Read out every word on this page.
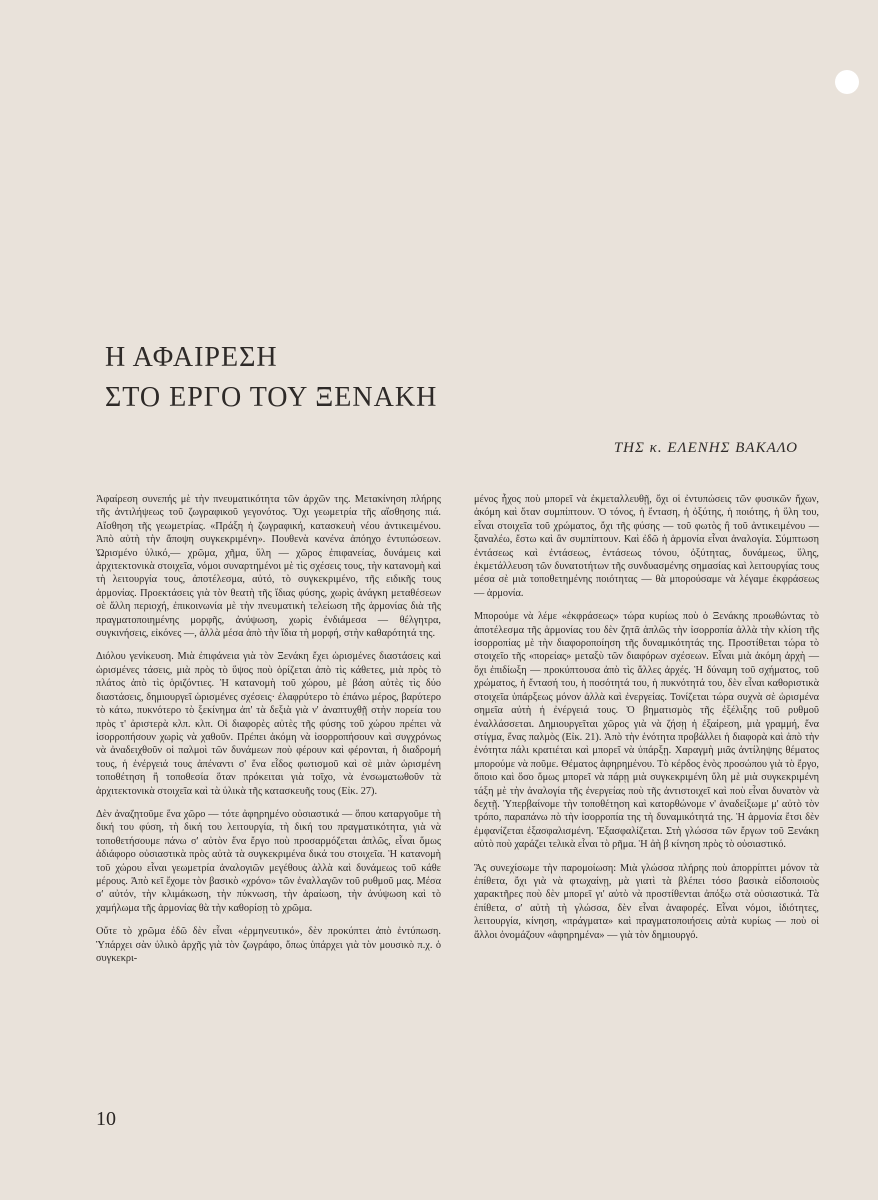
Η ΑΦΑΙΡΕΣΗ
ΣΤΟ ΕΡΓΟ ΤΟΥ ΞΕΝΑΚΗ
ΤΗΣ κ. ΕΛΕΝΗΣ ΒΑΚΑΛΟ

Ἀφαίρεση συνεπής μὲ τὴν πνευματικότητα τῶν ἀρχῶν της. Μετακίνηση πλήρης τῆς ἀντιλήψεως τοῦ ζωγραφικοῦ γεγονότος. Ὄχι γεωμετρία τῆς αἴσθησης πιά. Αἴσθηση τῆς γεωμετρίας. «Πράξη ἡ ζωγραφική, κατασκευὴ νέου ἀντικειμένου. Ἀπὸ αὐτὴ τὴν ἄποψη συγκεκριμένη». Πουθενὰ κανένα ἀπόηχο ἐντυπώσεων. Ὡρισμένο ὑλικό,— χρῶμα, χῆμα, ὕλη — χῶρος ἐπιφανείας, δυνάμεις καὶ ἀρχιτεκτονικὰ στοιχεῖα, νόμοι συναρτημένοι μὲ τὶς σχέσεις τους, τὴν κατανομὴ καὶ τὴ λειτουργία τους, ἀποτέλεσμα, αὐτό, τὸ συγκεκριμένο, τῆς ειδικῆς τους ἁρμονίας. Προεκτάσεις γιὰ τὸν θεατὴ τῆς ἴδιας φύσης, χωρὶς ἀνάγκη μεταθέσεων σὲ ἄλλη περιοχή, ἐπικοινωνία μὲ τὴν πνευματικὴ τελείωση τῆς ἁρμονίας διὰ τῆς πραγματοποιημένης μορφῆς, ἀνύψωση, χωρὶς ἐνδιάμεσα — θέλγητρα, συγκινήσεις, εἰκόνες —, ἀλλὰ μέσα ἀπὸ τὴν ἴδια τὴ μορφή, στὴν καθαρότητά της.

Διόλου γενίκευση. Μιὰ ἐπιφάνεια γιὰ τὸν Ξενάκη ἔχει ὡρισμένες διαστάσεις καὶ ὡρισμένες τάσεις, μιὰ πρὸς τὸ ὕψος ποὺ ὁρίζεται ἀπὸ τὶς κάθετες, μιὰ πρὸς τὸ πλάτος ἀπὸ τὶς ὁριζόντιες. Ἡ κατανομὴ τοῦ χώρου, μὲ βάση αὐτὲς τὶς δύο διαστάσεις, δημιουργεῖ ὡρισμένες σχέσεις· ἐλαφρύτερο τὸ ἐπάνω μέρος, βαρύτερο τὸ κάτω, πυκνότερο τὸ ξεκίνημα ἀπ' τὰ δεξιὰ γιὰ ν' ἀναπτυχθῇ στὴν πορεία του πρὸς τ' ἀριστερὰ κλπ. κλπ. Οἱ διαφορὲς αὐτὲς τῆς φύσης τοῦ χώρου πρέπει νὰ ἰσορροπήσουν χωρὶς νὰ χαθοῦν. Πρέπει ἀκόμη νὰ ἰσορροπήσουν καὶ συγχρόνως νὰ ἀναδειχθοῦν οἱ παλμοὶ τῶν δυνάμεων ποὺ φέρουν καὶ φέρονται, ἡ διαδρομή τους, ἡ ἐνέργειά τους ἀπέναντι σ' ἕνα εἶδος φωτισμοῦ καὶ σὲ μιὰν ὡρισμένη τοποθέτηση ἢ τοποθεσία ὅταν πρόκειται γιὰ τοῖχο, νὰ ἐνσωματωθοῦν τὰ ἀρχιτεκτονικὰ στοιχεῖα καὶ τὰ ὑλικὰ τῆς κατασκευῆς τους (Εἰκ. 27).

Δὲν ἀναζητοῦμε ἕνα χῶρο — τότε ἀφηρημένο οὐσιαστικά — ὅπου καταργοῦμε τὴ δική του φύση, τὴ δική του λειτουργία, τὴ δική του πραγματικότητα, γιὰ νὰ τοποθετήσουμε πάνω σ' αὐτὸν ἕνα ἔργο ποὺ προσαρμόζεται ἁπλῶς, εἶναι ὅμως ἀδιάφορο οὐσιαστικὰ πρὸς αὐτὰ τὰ συγκεκριμένα δικά του στοιχεῖα. Ἡ κατανομὴ τοῦ χώρου εἶναι γεωμετρία ἀναλογιῶν μεγέθους ἀλλὰ καὶ δυνάμεως τοῦ κάθε μέρους. Ἀπὸ κεῖ ἔχομε τὸν βασικὸ «χρόνο» τῶν ἐναλλαγῶν τοῦ ρυθμοῦ μας. Μέσα σ' αὐτόν, τὴν κλιμάκωση, τὴν πύκνωση, τὴν ἀραίωση, τὴν ἀνύψωση καὶ τὸ χαμήλωμα τῆς ἁρμονίας θὰ τὴν καθορίσῃ τὸ χρῶμα.

Οὔτε τὸ χρῶμα ἐδῶ δὲν εἶναι «ἑρμηνευτικό», δὲν προκύπτει ἀπὸ ἐντύπωση. Ὑπάρχει σὰν ὑλικὸ ἀρχῆς γιὰ τὸν ζωγράφο, ὅπως ὑπάρχει γιὰ τὸν μουσικὸ π.χ. ὁ συγκεκρι-

μένος ἦχος ποὺ μπορεῖ νὰ ἐκμεταλλευθῇ, ὄχι οἱ ἐντυπώσεις τῶν φυσικῶν ἤχων, ἀκόμη καὶ ὅταν συμπίπτουν. Ὁ τόνος, ἡ ἔνταση, ἡ ὀξύτης, ἡ ποιότης, ἡ ὕλη του, εἶναι στοιχεῖα τοῦ χρώματος, ὄχι τῆς φύσης — τοῦ φωτὸς ἢ τοῦ ἀντικειμένου — ξαναλέω, ἔστω καὶ ἂν συμπίπτουν. Καὶ ἐδῶ ἡ ἁρμονία εἶναι ἀναλογία. Σύμπτωση ἐντάσεως καὶ ἐντάσεως, ἐντάσεως τόνου, ὀξύτητας, δυνάμεως, ὕλης, ἐκμετάλλευση τῶν δυνατοτήτων τῆς συνδυασμένης σημασίας καὶ λειτουργίας τους μέσα σὲ μιὰ τοποθετημένης ποιότητας — θὰ μπορούσαμε νὰ λέγαμε ἐκφράσεως — ἁρμονία.

Μπορούμε νὰ λέμε «ἐκφράσεως» τώρα κυρίως ποὺ ὁ Ξενάκης προωθώντας τὸ ἀποτέλεσμα τῆς ἁρμονίας του δὲν ζητᾶ ἁπλῶς τὴν ἰσορροπία ἀλλὰ τὴν κλίση τῆς ἰσορροπίας μὲ τὴν διαφοροποίηση τῆς δυναμικότητάς της. Προστίθεται τώρα τὸ στοιχεῖο τῆς «πορείας» μεταξὺ τῶν διαφόρων σχέσεων. Εἶναι μιὰ ἀκόμη ἀρχὴ — ὄχι ἐπιδίωξη — προκύπτουσα ἀπὸ τὶς ἄλλες ἀρχές. Ἡ δύναμη τοῦ σχήματος, τοῦ χρώματος, ἡ ἔντασή του, ἡ ποσότητά του, ἡ πυκνότητά του, δὲν εἶναι καθοριστικὰ στοιχεῖα ὑπάρξεως μόνον ἀλλὰ καὶ ἐνεργείας. Τονίζεται τώρα συχνὰ σὲ ὡρισμένα σημεῖα αὐτὴ ἡ ἐνέργειά τους. Ὁ βηματισμὸς τῆς ἐξέλιξης τοῦ ρυθμοῦ ἐναλλάσσεται. Δημιουργεῖται χῶρος γιὰ νὰ ζήσῃ ἡ ἐξαίρεση, μιὰ γραμμή, ἕνα στίγμα, ἕνας παλμὸς (Εἰκ. 21). Ἀπὸ τὴν ἑνότητα προβάλλει ἡ διαφορὰ καὶ ἀπὸ τὴν ἑνότητα πάλι κρατιέται καὶ μπορεῖ νὰ ὑπάρξῃ. Χαραγμὴ μιᾶς ἀντίληψης θέματος μπορούμε νὰ ποῦμε. Θέματος ἀφηρημένου. Τὸ κέρδος ἑνὸς προσώπου γιὰ τὸ ἔργο, ὅποιο καὶ ὅσο ὅμως μπορεῖ νὰ πάρῃ μιὰ συγκεκριμένη ὕλη μὲ μιὰ συγκεκριμένη τάξη μὲ τὴν ἀναλογία τῆς ἐνεργείας ποὺ τῆς ἀντιστοιχεῖ καὶ ποὺ εἶναι δυνατὸν νὰ δεχτῇ. Ὑπερβαίνομε τὴν τοποθέτηση καὶ κατορθώνομε ν' ἀναδείξωμε μ' αὐτὸ τὸν τρόπο, παραπάνω πὸ τὴν ἰσορροπία της τὴ δυναμικότητά της. Ἡ ἁρμονία ἔτσι δὲν ἐμφανίζεται ἐξασφαλισμένη. Ἐξασφαλίζεται. Στὴ γλώσσα τῶν ἔργων τοῦ Ξενάκη αὐτὸ ποὺ χαράζει τελικὰ εἶναι τὸ ρῆμα. Ἡ ἀὴ β κίνηση πρὸς τὸ οὐσιαστικό.

Ἂς συνεχίσωμε τὴν παρομοίωση: Μιὰ γλώσσα πλήρης ποὺ ἀπορρίπτει μόνον τὰ ἐπίθετα, ὄχι γιὰ νὰ φτωχαίνῃ, μὰ γιατὶ τὰ βλέπει τόσο βασικὰ εἰδοποιοὺς χαρακτῆρες ποὺ δὲν μπορεῖ γι' αὐτὸ νὰ προστίθενται ἀπόξω στὰ οὐσιαστικά. Τὰ ἐπίθετα, σ' αὐτὴ τὴ γλώσσα, δὲν εἶναι ἀναφορές. Εἶναι νόμοι, ἰδιότητες, λειτουργία, κίνηση, «πράγματα» καὶ πραγματοποιήσεις αὐτὰ κυρίως — ποὺ οἱ ἄλλοι ὀνομάζουν «ἀφηρημένα» — γιὰ τὸν δημιουργό.

10
